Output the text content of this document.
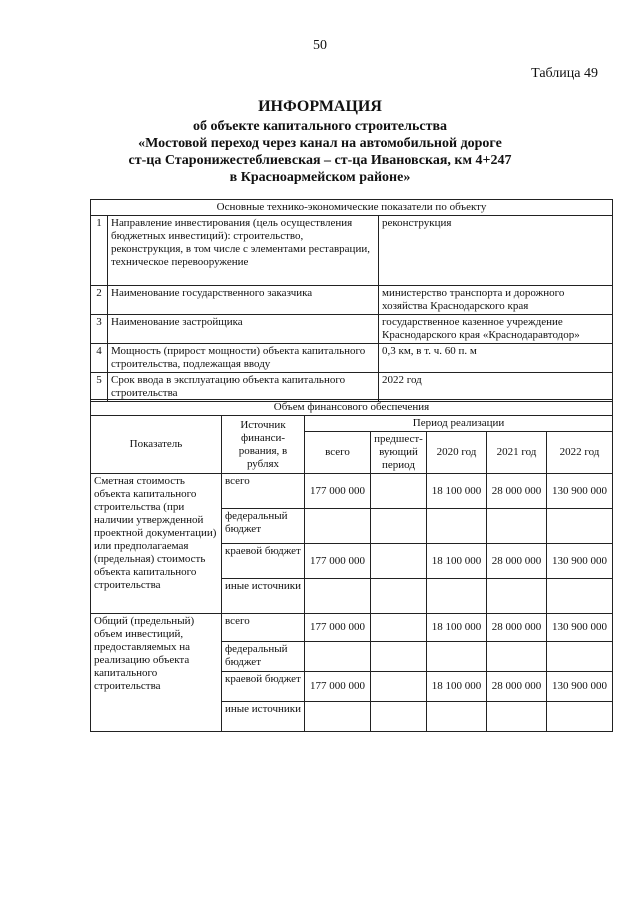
50
Таблица 49
ИНФОРМАЦИЯ
об объекте капитального строительства
«Мостовой переход через канал на автомобильной дороге
ст-ца Старонижестеблиевская – ст-ца Ивановская, км 4+247
в Красноармейском районе»
Основные технико-экономические показатели по объекту		
1	Направление инвестирования (цель осуществления бюджетных инвестиций): строительство, реконструкция, в том числе с элементами реставрации, техническое перевооружение	реконструкция
2	Наименование государственного заказчика	министерство транспорта и дорожного хозяйства Краснодарского края
3	Наименование застройщика	государственное казенное учреждение Краснодарского края «Краснодаравтодор»
4	Мощность (прирост мощности) объекта капитального строительства, подлежащая вводу	0,3 км, в т. ч. 60 п. м
5	Срок ввода в эксплуатацию объекта капитального строительства	2022 год
Объем финансового обеспечения						
Показатель	Источник финанси-рования, в рублях	Период реализации				
		всего	предшест-вующий период	2020 год	2021 год	2022 год
Сметная стоимость объекта капитального строительства (при наличии утвержденной проектной документации) или предполагаемая (предельная) стоимость объекта капитального строительства	всего	177 000 000		18 100 000	28 000 000	130 900 000
	федеральный бюджет					
	краевой бюджет	177 000 000		18 100 000	28 000 000	130 900 000
	иные источники					
Общий (предельный) объем инвестиций, предоставляемых на реализацию объекта капитального строительства	всего	177 000 000		18 100 000	28 000 000	130 900 000
	федеральный бюджет					
	краевой бюджет	177 000 000		18 100 000	28 000 000	130 900 000
	иные источники					
